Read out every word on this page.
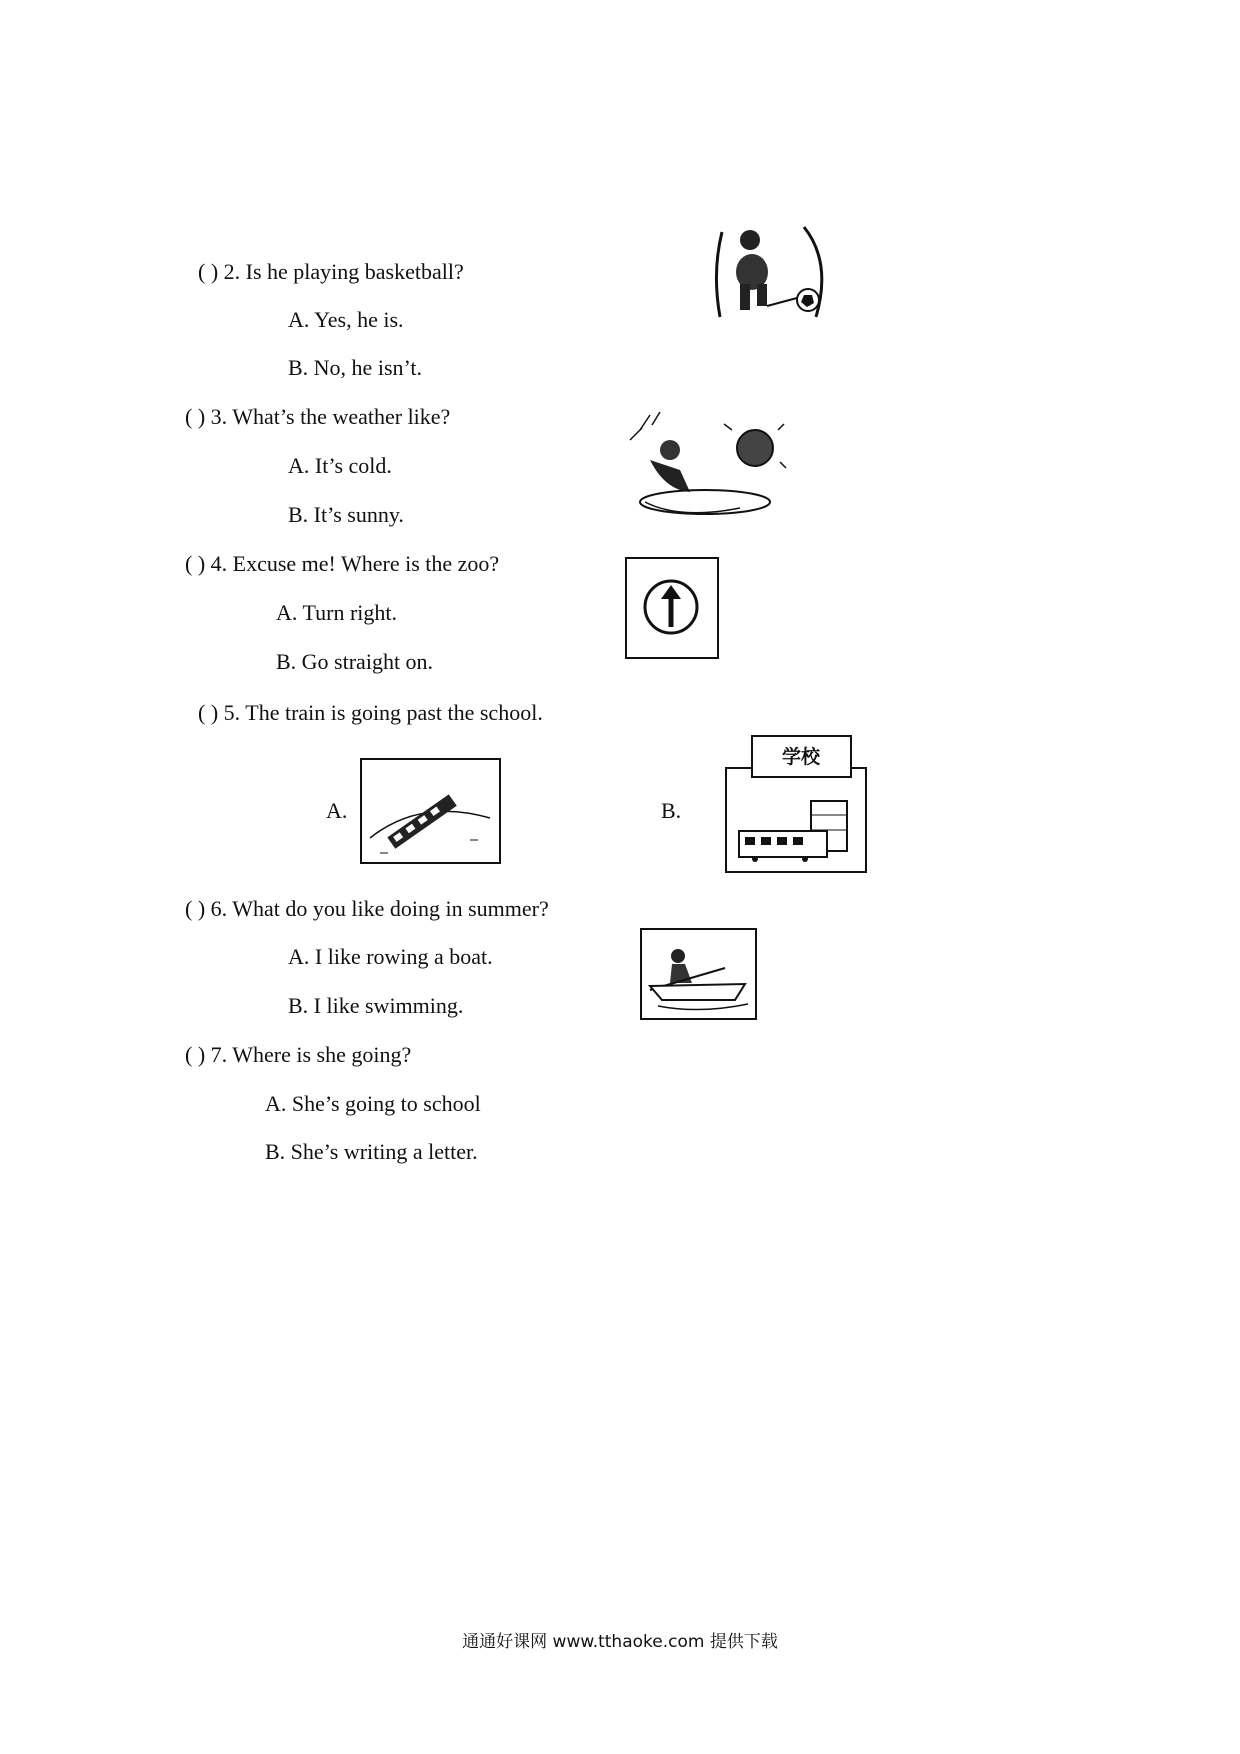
( ) 2. Is he playing basketball?
A. Yes, he is.
B. No, he isn’t.
( ) 3. What’s the weather like?
A. It’s cold.
B. It’s sunny.
( ) 4. Excuse me! Where is the zoo?
A. Turn right.
B. Go straight on.
( ) 5. The train is going past the school.
A.	B.
学校
( ) 6. What do you like doing in summer?
A. I like rowing a boat.
B. I like swimming.
( ) 7. Where is she going?
A. She’s going to school
B. She’s writing a letter.
通通好课网 www.tthaoke.com 提供下载
